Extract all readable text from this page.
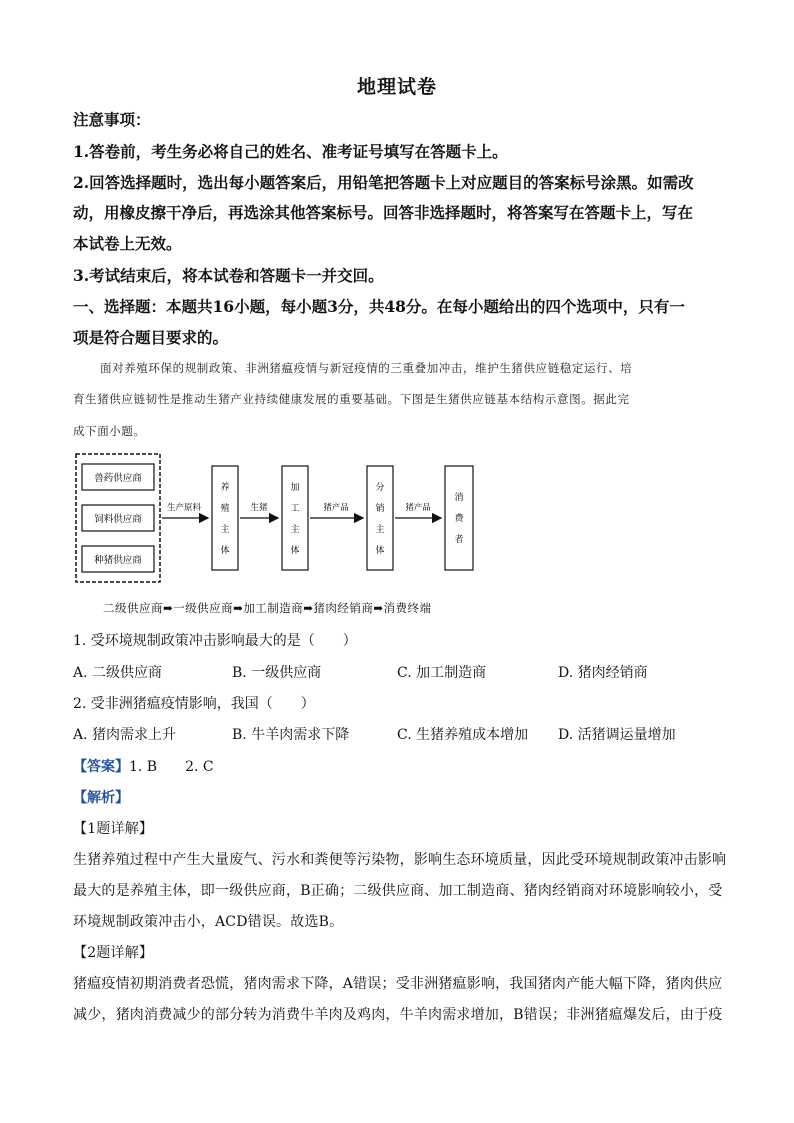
地理试卷
注意事项：
1.答卷前，考生务必将自己的姓名、准考证号填写在答题卡上。
2.回答选择题时，选出每小题答案后，用铅笔把答题卡上对应题目的答案标号涂黑。如需改
动，用橡皮擦干净后，再选涂其他答案标号。回答非选择题时，将答案写在答题卡上，写在
本试卷上无效。
3.考试结束后，将本试卷和答题卡一并交回。
一、选择题：本题共16小题，每小题3分，共48分。在每小题给出的四个选项中，只有一
项是符合题目要求的。
面对养殖环保的规制政策、非洲猪瘟疫情与新冠疫情的三重叠加冲击，维护生猪供应链稳定运行、培
育生猪供应链韧性是推动生猪产业持续健康发展的重要基础。下图是生猪供应链基本结构示意图。据此完
成下面小题。
兽药供应商
饲料供应商
种猪供应商
生产原料
养
殖
主
体
生猪
加
工
主
体
猪产品
分
销
主
体
猪产品
消
费
者
二级供应商➡一级供应商➡加工制造商➡猪肉经销商➡消费终端
1. 受环境规制政策冲击影响最大的是（　　）
A. 二级供应商	B. 一级供应商	C. 加工制造商	D. 猪肉经销商
2. 受非洲猪瘟疫情影响，我国（　　）
A. 猪肉需求上升	B. 牛羊肉需求下降	C. 生猪养殖成本增加 D. 活猪调运量增加
【答案】1. B　　2. C
【解析】
【1题详解】
生猪养殖过程中产生大量废气、污水和粪便等污染物，影响生态环境质量，因此受环境规制政策冲击影响
最大的是养殖主体，即一级供应商，B正确；二级供应商、加工制造商、猪肉经销商对环境影响较小，受
环境规制政策冲击小，ACD错误。故选B。
【2题详解】
猪瘟疫情初期消费者恐慌，猪肉需求下降，A错误；受非洲猪瘟影响，我国猪肉产能大幅下降，猪肉供应
减少，猪肉消费减少的部分转为消费牛羊肉及鸡肉，牛羊肉需求增加，B错误；非洲猪瘟爆发后，由于疫
